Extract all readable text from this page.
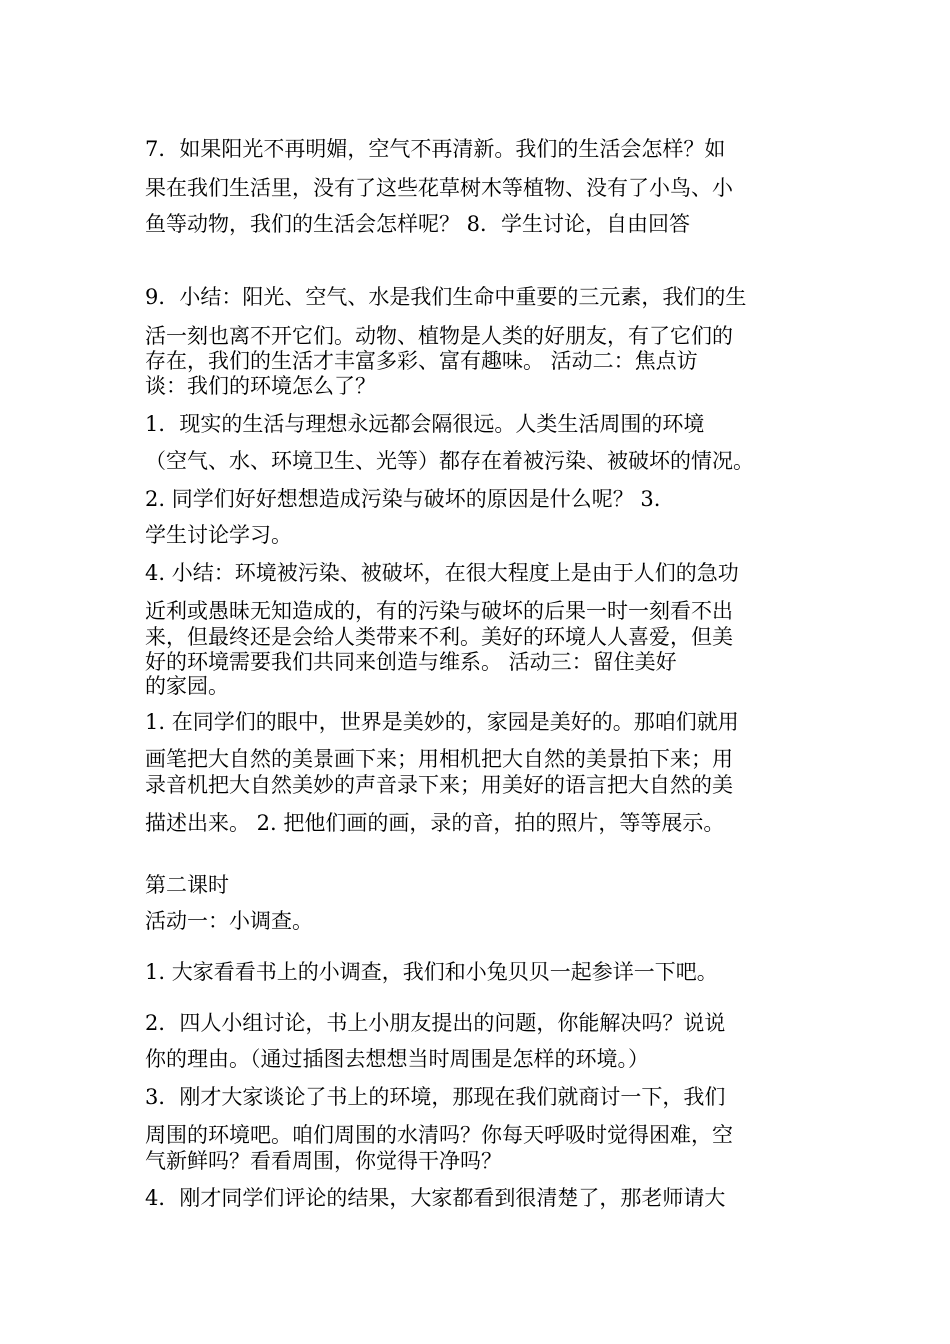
7．如果阳光不再明媚，空气不再清新。我们的生活会怎样？如
果在我们生活里，没有了这些花草树木等植物、没有了小鸟、小
鱼等动物，我们的生活会怎样呢？ 8．学生讨论，自由回答
9．小结：阳光、空气、水是我们生命中重要的三元素，我们的生
活一刻也离不开它们。动物、植物是人类的好朋友，有了它们的
存在，我们的生活才丰富多彩、富有趣味。 活动二：焦点访
谈：我们的环境怎么了？
1．现实的生活与理想永远都会隔很远。人类生活周围的环境
（空气、水、环境卫生、光等）都存在着被污染、被破坏的情况。
2. 同学们好好想想造成污染与破坏的原因是什么呢？ 3.
学生讨论学习。
4. 小结：环境被污染、被破坏，在很大程度上是由于人们的急功
近利或愚昧无知造成的，有的污染与破坏的后果一时一刻看不出
来，但最终还是会给人类带来不利。美好的环境人人喜爱，但美
好的环境需要我们共同来创造与维系。 活动三：留住美好
的家园。
1. 在同学们的眼中，世界是美妙的，家园是美好的。那咱们就用
画笔把大自然的美景画下来；用相机把大自然的美景拍下来；用
录音机把大自然美妙的声音录下来；用美好的语言把大自然的美
描述出来。 2. 把他们画的画，录的音，拍的照片，等等展示。
第二课时
活动一：小调查。
1. 大家看看书上的小调查，我们和小兔贝贝一起参详一下吧。
2．四人小组讨论，书上小朋友提出的问题，你能解决吗？说说
你的理由。（通过插图去想想当时周围是怎样的环境。）
3．刚才大家谈论了书上的环境，那现在我们就商讨一下，我们
周围的环境吧。咱们周围的水清吗？你每天呼吸时觉得困难，空
气新鲜吗？看看周围，你觉得干净吗？
4．刚才同学们评论的结果，大家都看到很清楚了，那老师请大
